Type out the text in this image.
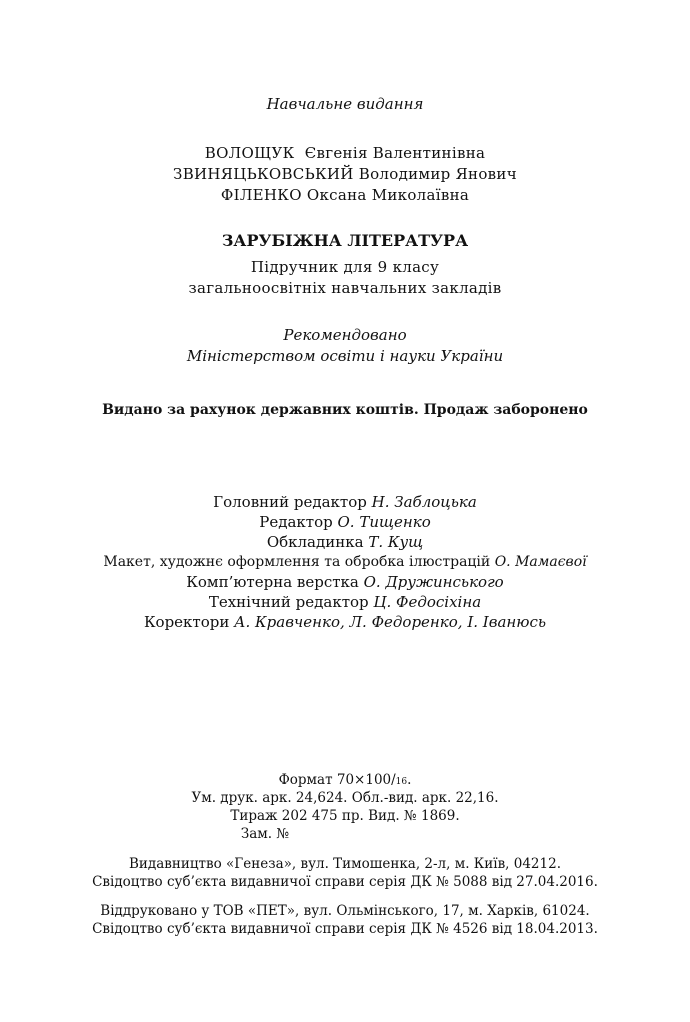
Навчальне видання
ВОЛОЩУК Євгенія Валентинівна
ЗВИНЯЦЬКОВСЬКИЙ Володимир Янович
ФІЛЕНКО Оксана Миколаївна
ЗАРУБІЖНА ЛІТЕРАТУРА
Підручник для 9 класу
загальноосвітніх навчальних закладів
Рекомендовано
Міністерством освіти і науки України
Видано за рахунок державних коштів. Продаж заборонено
Головний редактор Н. Заблоцька
Редактор О. Тищенко
Обкладинка Т. Кущ
Макет, художнє оформлення та обробка ілюстрацій О. Мамаєвої
Комп’ютерна верстка О. Дружинського
Технічний редактор Ц. Федосіхіна
Коректори А. Кравченко, Л. Федоренко, І. Іванюсь
Формат 70×100/16.
Ум. друк. арк. 24,624. Обл.-вид. арк. 22,16.
Тираж 202 475 пр. Вид. № 1869.
Зам. №
Видавництво «Генеза», вул. Тимошенка, 2-л, м. Київ, 04212.
Свідоцтво суб’єкта видавничої справи серія ДК № 5088 від 27.04.2016.
Віддруковано у ТОВ «ПЕТ», вул. Ольмінського, 17, м. Харків, 61024.
Свідоцтво суб’єкта видавничої справи серія ДК № 4526 від 18.04.2013.
